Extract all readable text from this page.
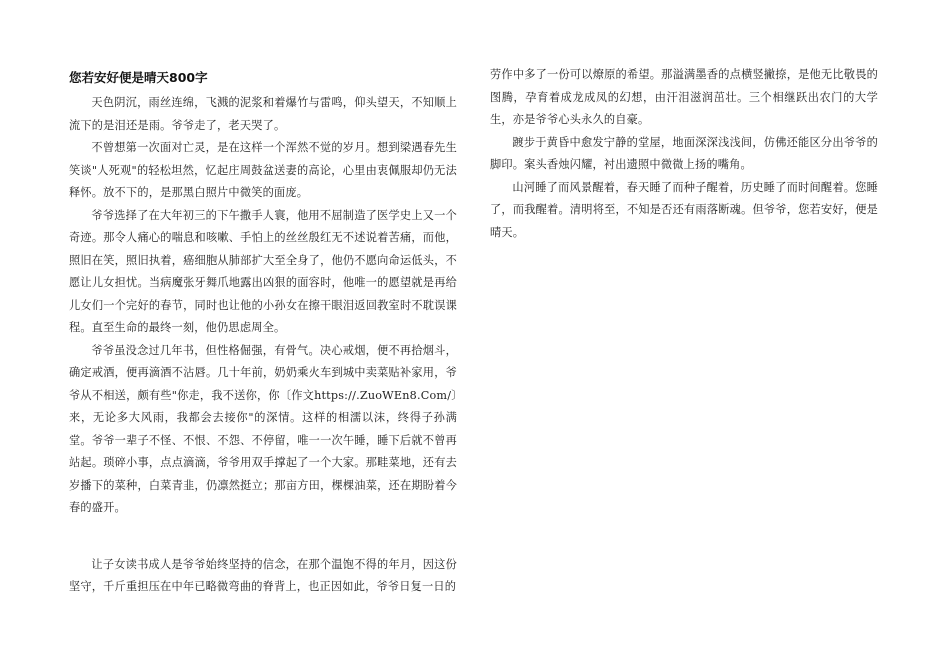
您若安好便是晴天800字

天色阴沉，雨丝连绵，飞溅的泥浆和着爆竹与雷鸣，仰头望天，不知顺上流下的是泪还是雨。爷爷走了，老天哭了。

不曾想第一次面对亡灵，是在这样一个浑然不觉的岁月。想到梁遇春先生笑谈"人死观"的轻松坦然，忆起庄周鼓盆送妻的高论，心里由衷佩服却仍无法释怀。放不下的，是那黑白照片中微笑的面庞。

爷爷选择了在大年初三的下午撒手人寰，他用不屈制造了医学史上又一个奇迹。那令人痛心的喘息和咳嗽、手怕上的丝丝殷红无不述说着苦痛，而他，照旧在笑，照旧执着，癌细胞从肺部扩大至全身了，他仍不愿向命运低头，不愿让儿女担忧。当病魔张牙舞爪地露出凶狠的面容时，他唯一的愿望就是再给儿女们一个完好的春节，同时也让他的小孙女在擦干眼泪返回教室时不耽误课程。直至生命的最终一刻，他仍思虑周全。

爷爷虽没念过几年书，但性格倔强，有骨气。决心戒烟，便不再拾烟斗，确定戒酒，便再滴酒不沾唇。几十年前，奶奶乘火车到城中卖菜贴补家用，爷爷从不相送，颇有些"你走，我不送你，你〔作文https://.ZuoWEn8.Com/〕来，无论多大风雨，我都会去接你"的深情。这样的相濡以沫，终得子孙满堂。爷爷一辈子不怪、不恨、不怨、不停留，唯一一次午睡，睡下后就不曾再站起。琐碎小事，点点滴滴，爷爷用双手撑起了一个大家。那畦菜地，还有去岁播下的菜种，白菜青韭，仍凛然挺立；那亩方田，棵棵油菜，还在期盼着今春的盛开。

让子女读书成人是爷爷始终坚持的信念，在那个温饱不得的年月，因这份坚守，千斤重担压在中年已略微弯曲的脊背上，也正因如此，爷爷日复一日的

劳作中多了一份可以燎原的希望。那溢满墨香的点横竖撇捺，是他无比敬畏的图腾，孕育着成龙成凤的幻想，由汗泪滋润茁壮。三个相继跃出农门的大学生，亦是爷爷心头永久的自豪。

踱步于黄昏中愈发宁静的堂屋，地面深深浅浅间，仿佛还能区分出爷爷的脚印。案头香烛闪耀，衬出遗照中微微上扬的嘴角。

山河睡了而风景醒着，春天睡了而种子醒着，历史睡了而时间醒着。您睡了，而我醒着。清明将至，不知是否还有雨落断魂。但爷爷，您若安好，便是晴天。
